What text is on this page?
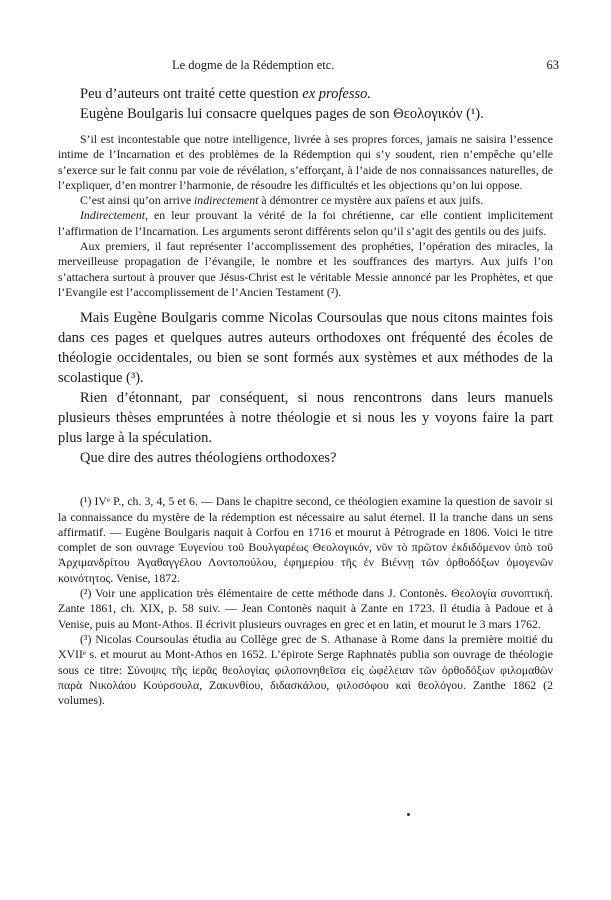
Le dogme de la Rédemption etc.	63

Peu d’auteurs ont traité cette question ex professo.

Eugène Boulgaris lui consacre quelques pages de son Θεολογικόν (¹).

S’il est incontestable que notre intelligence, livrée à ses propres forces, jamais ne saisira l’essence intime de l’Incarnation et des problèmes de la Rédemption qui s’y soudent, rien n’empêche qu’elle s’exerce sur le fait connu par voie de révélation, s’efforçant, à l’aide de nos connaissances naturelles, de l’expliquer, d’en montrer l’harmonie, de résoudre les difficultés et les objections qu’on lui oppose.

C’est ainsi qu’on arrive indirectement à démontrer ce mystère aux païens et aux juifs.

Indirectement, en leur prouvant la vérité de la foi chrétienne, car elle contient implicitement l’affirmation de l’Incarnation. Les arguments seront différents selon qu’il s’agit des gentils ou des juifs.

Aux premiers, il faut représenter l’accomplissement des prophéties, l’opération des miracles, la merveilleuse propagation de l’évangile, le nombre et les souffrances des martyrs. Aux juifs l’on s’attachera surtout à prouver que Jésus-Christ est le véritable Messie annoncé par les Prophètes, et que l’Evangile est l’accomplissement de l’Ancien Testament (²).

Mais Eugène Boulgaris comme Nicolas Coursoulas que nous citons maintes fois dans ces pages et quelques autres auteurs orthodoxes ont fréquenté des écoles de théologie occidentales, ou bien se sont formés aux systèmes et aux méthodes de la scolastique (³).

Rien d’étonnant, par conséquent, si nous rencontrons dans leurs manuels plusieurs thèses empruntées à notre théologie et si nous les y voyons faire la part plus large à la spéculation.

Que dire des autres théologiens orthodoxes?

(¹) IVᵉ P., ch. 3, 4, 5 et 6. — Dans le chapitre second, ce théologien examine la question de savoir si la connaissance du mystère de la rédemption est nécessaire au salut éternel. Il la tranche dans un sens affirmatif. — Eugène Boulgaris naquit à Corfou en 1716 et mourut à Pétrograde en 1806. Voici le titre complet de son ouvrage Ἐυγενίου τοῦ Βουλγαρέως Θεολογικόν, νῦν τὸ πρῶτον ἐκδιδόμενον ὑπὸ τοῦ Ἀρχιμανδρίτου Ἀγαθαγγέλου Λοντοπούλου, ἐφημερίου τῆς ἐν Βιέννῃ τῶν ὀρθοδόξων ὁμογενῶν κοινότητος. Venise, 1872.

(²) Voir une application très élémentaire de cette méthode dans J. Contonès. Θεολογία συνοπτική. Zante 1861, ch. XIX, p. 58 suiv. — Jean Contonès naquit à Zante en 1723. Il étudia à Padoue et à Venise, puis au Mont-Athos. Il écrivit plusieurs ouvrages en grec et en latin, et mourut le 3 mars 1762.

(³) Nicolas Coursoulas étudia au Collège grec de S. Athanase à Rome dans la première moitié du XVIIᵉ s. et mourut au Mont-Athos en 1652. L’épirote Serge Raphnatès publia son ouvrage de théologie sous ce titre: Σύνοψις τῆς ἱερᾶς θεολογίας φιλοπονηθεῖσα εἰς ὠφέλειαν τῶν ὀρθοδόξων φιλομαθῶν παρὰ Νικολάου Κούρσουλα, Ζακυνθίου, διδασκάλου, φιλοσόφου καὶ θεολόγου. Zanthe 1862 (2 volumes).
